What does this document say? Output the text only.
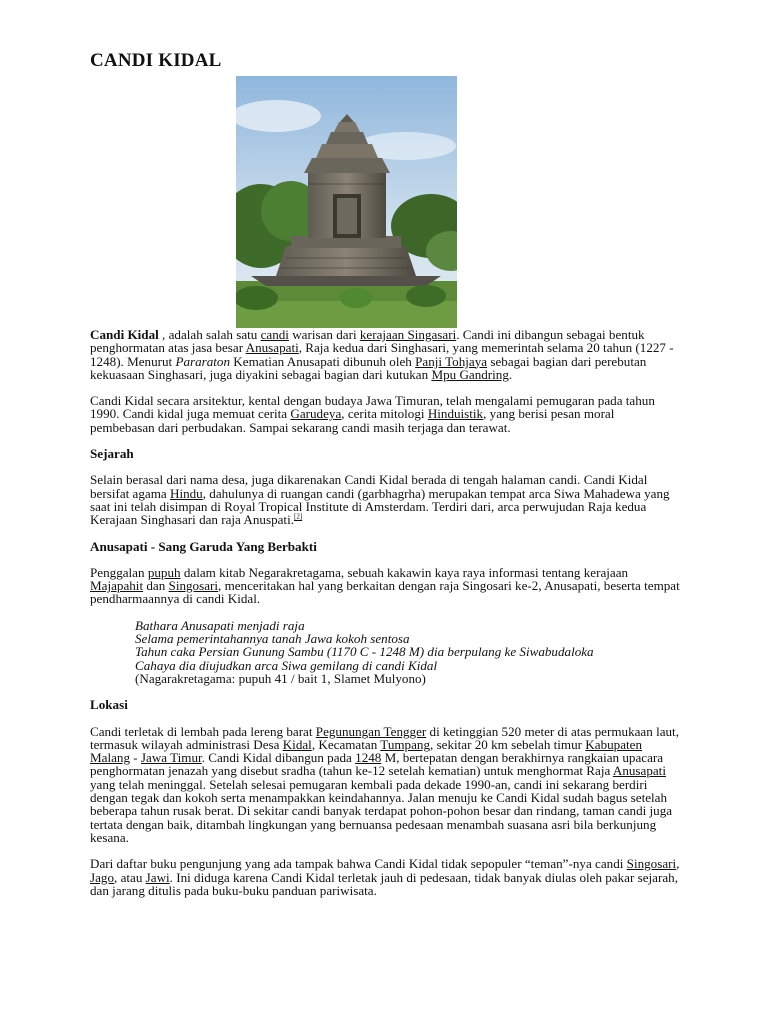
CANDI KIDAL

Candi Kidal , adalah salah satu candi warisan dari kerajaan Singasari. Candi ini dibangun sebagai bentuk penghormatan atas jasa besar Anusapati, Raja kedua dari Singhasari, yang memerintah selama 20 tahun (1227 - 1248). Menurut Pararaton Kematian Anusapati dibunuh oleh Panji Tohjaya sebagai bagian dari perebutan kekuasaan Singhasari, juga diyakini sebagai bagian dari kutukan Mpu Gandring.

Candi Kidal secara arsitektur, kental dengan budaya Jawa Timuran, telah mengalami pemugaran pada tahun 1990. Candi kidal juga memuat cerita Garudeya, cerita mitologi Hinduistik, yang berisi pesan moral pembebasan dari perbudakan. Sampai sekarang candi masih terjaga dan terawat.

Sejarah

Selain berasal dari nama desa, juga dikarenakan Candi Kidal berada di tengah halaman candi. Candi Kidal bersifat agama Hindu, dahulunya di ruangan candi (garbhagrha) merupakan tempat arca Siwa Mahadewa yang saat ini telah disimpan di Royal Tropical Institute di Amsterdam. Terdiri dari, arca perwujudan Raja kedua Kerajaan Singhasari dan raja Anuspati.[2]

Anusapati - Sang Garuda Yang Berbakti

Penggalan pupuh dalam kitab Negarakretagama, sebuah kakawin kaya raya informasi tentang kerajaan Majapahit dan Singosari, menceritakan hal yang berkaitan dengan raja Singosari ke-2, Anusapati, beserta tempat pendharmaannya di candi Kidal.

Bathara Anusapati menjadi raja
Selama pemerintahannya tanah Jawa kokoh sentosa
Tahun caka Persian Gunung Sambu (1170 C - 1248 M) dia berpulang ke Siwabudaloka
Cahaya dia diujudkan arca Siwa gemilang di candi Kidal
(Nagarakretagama: pupuh 41 / bait 1, Slamet Mulyono)

Lokasi

Candi terletak di lembah pada lereng barat Pegunungan Tengger di ketinggian 520 meter di atas permukaan laut, termasuk wilayah administrasi Desa Kidal, Kecamatan Tumpang, sekitar 20 km sebelah timur Kabupaten Malang - Jawa Timur. Candi Kidal dibangun pada 1248 M, bertepatan dengan berakhirnya rangkaian upacara penghormatan jenazah yang disebut sradha (tahun ke-12 setelah kematian) untuk menghormat Raja Anusapati yang telah meninggal. Setelah selesai pemugaran kembali pada dekade 1990-an, candi ini sekarang berdiri dengan tegak dan kokoh serta menampakkan keindahannya. Jalan menuju ke Candi Kidal sudah bagus setelah beberapa tahun rusak berat. Di sekitar candi banyak terdapat pohon-pohon besar dan rindang, taman candi juga tertata dengan baik, ditambah lingkungan yang bernuansa pedesaan menambah suasana asri bila berkunjung kesana.

Dari daftar buku pengunjung yang ada tampak bahwa Candi Kidal tidak sepopuler “teman”-nya candi Singosari, Jago, atau Jawi. Ini diduga karena Candi Kidal terletak jauh di pedesaan, tidak banyak diulas oleh pakar sejarah, dan jarang ditulis pada buku-buku panduan pariwisata.
